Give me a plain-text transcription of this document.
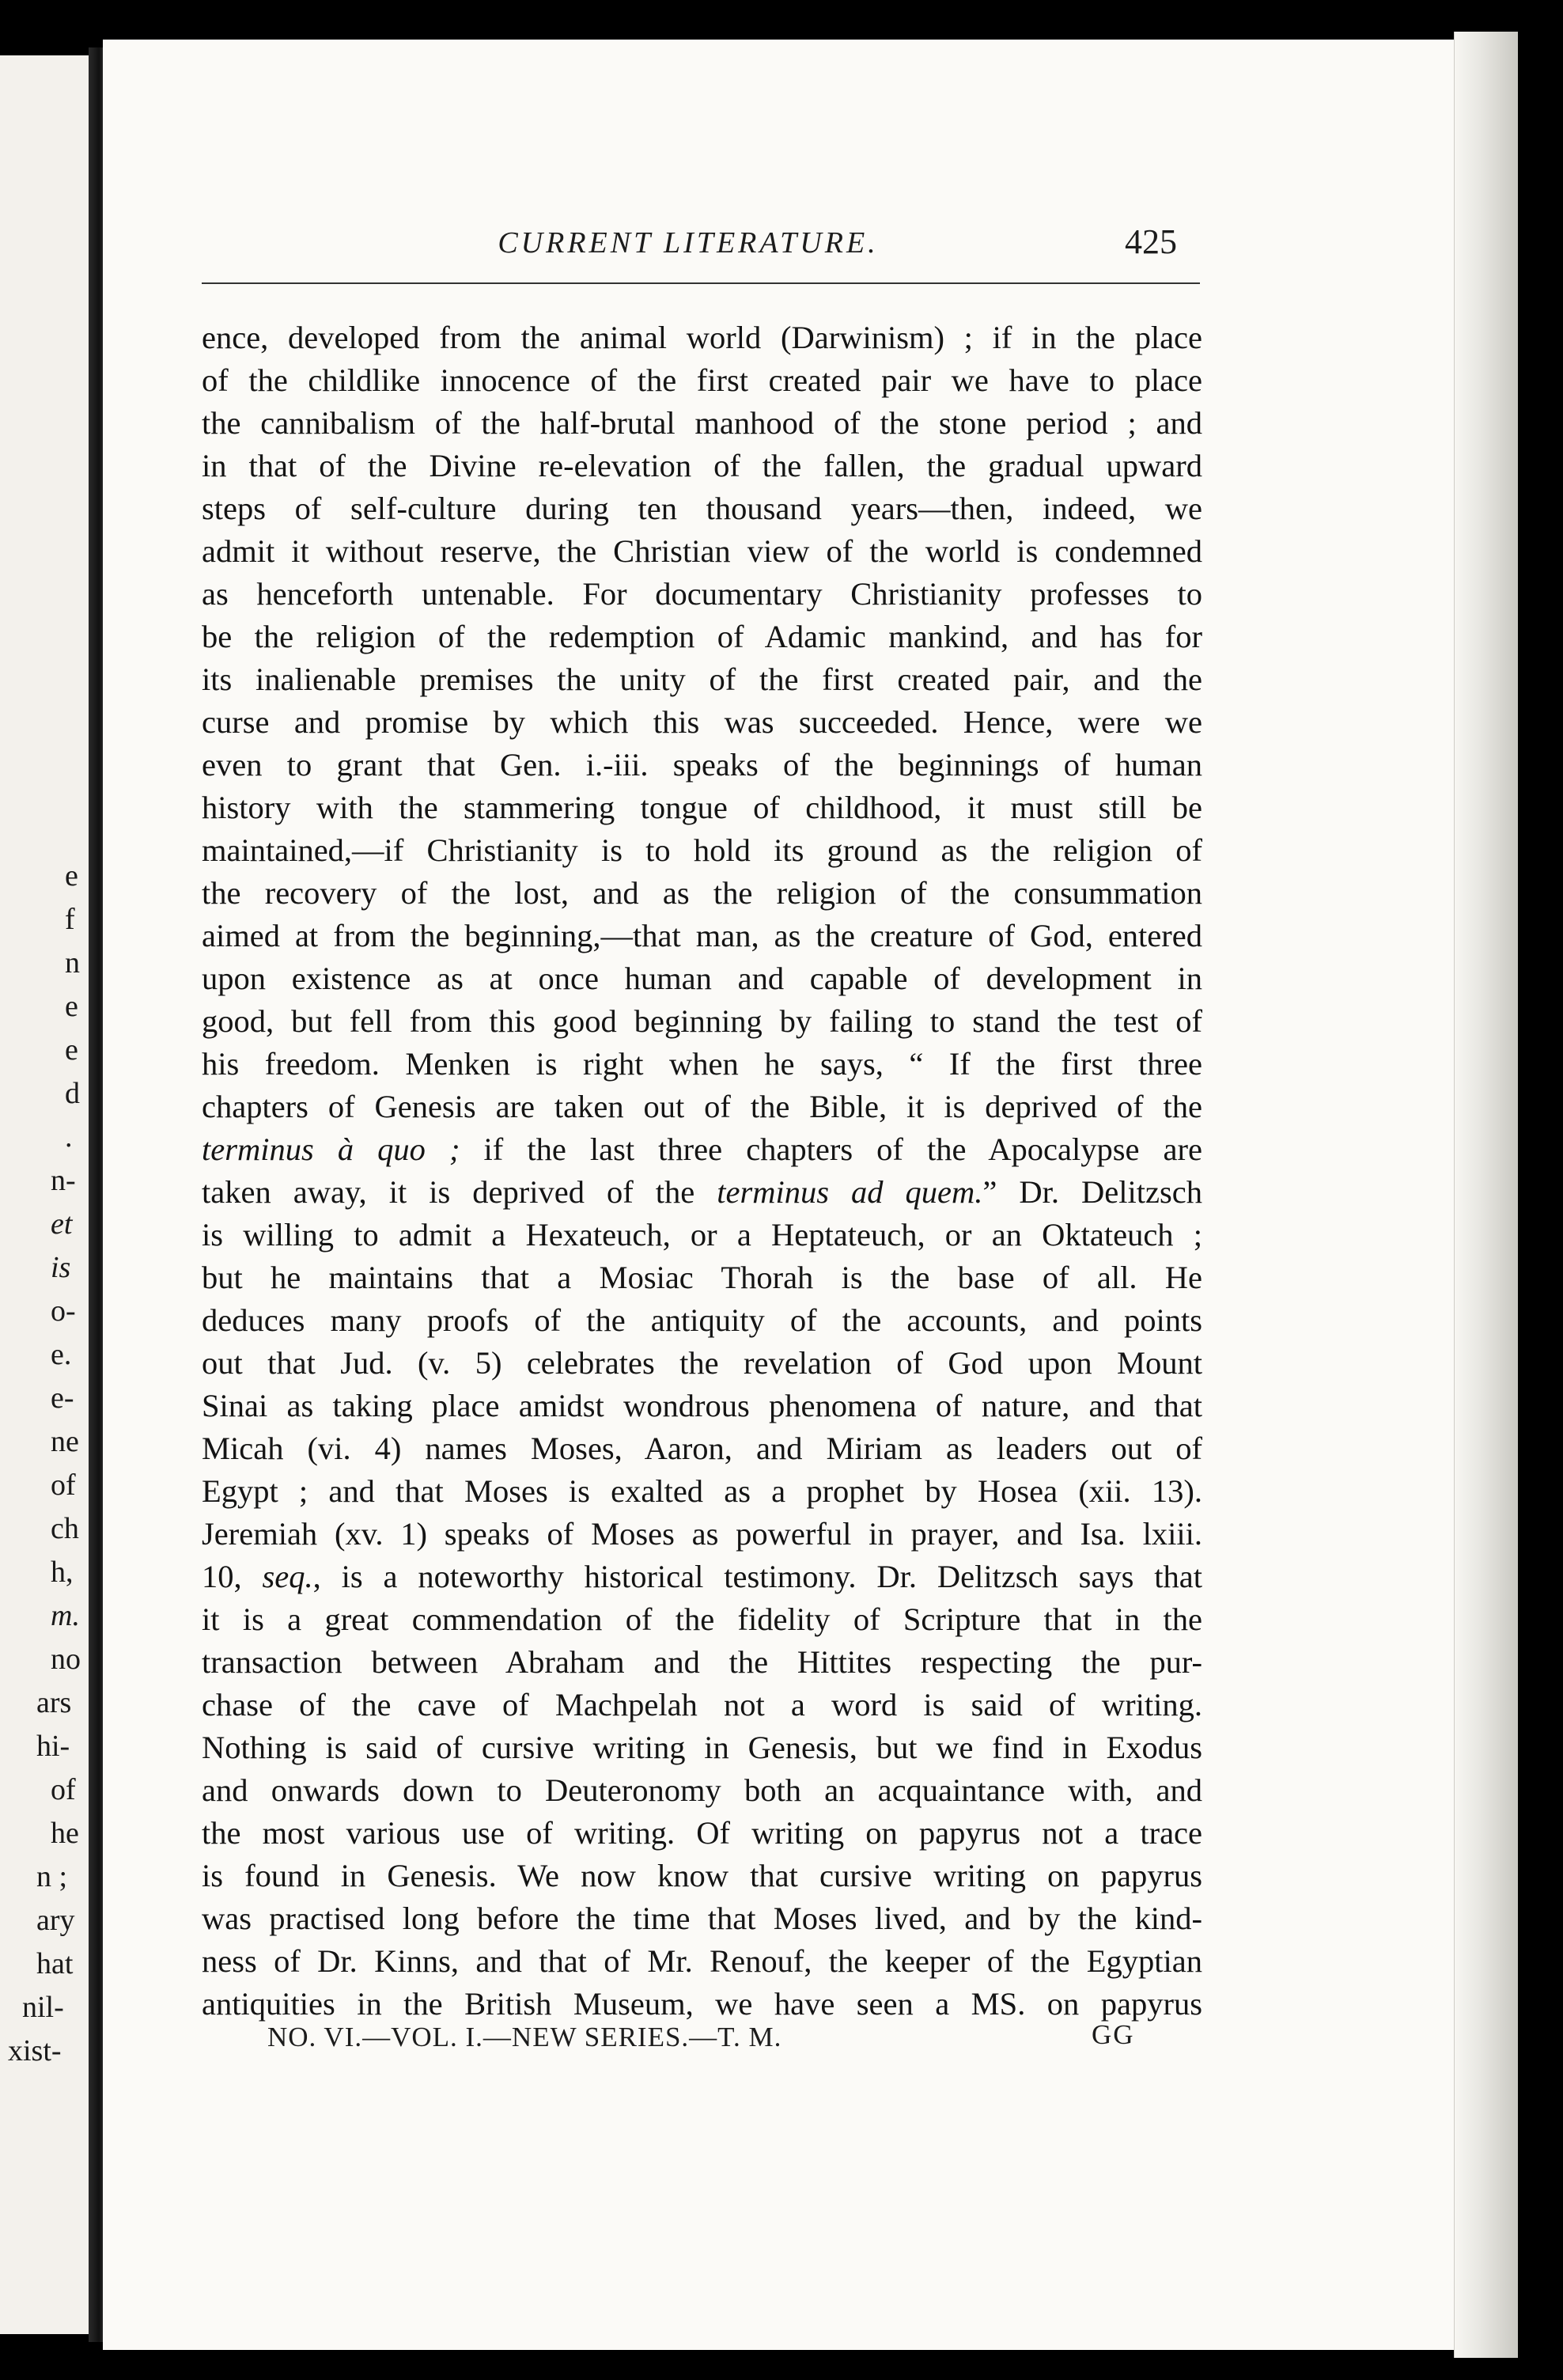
e
f
n
e
e
d
.
n-
et
is
o-
e.
e-
ne
of
ch
h,
m.
no
ars
hi-
of
he
n ;
ary
hat
nil-
xist-
CURRENT LITERATURE.	425
ence, developed from the animal world (Darwinism) ; if in the place
of the childlike innocence of the first created pair we have to place
the cannibalism of the half-brutal manhood of the stone period ; and
in that of the Divine re-elevation of the fallen, the gradual upward
steps of self-culture during ten thousand years—then, indeed, we
admit it without reserve, the Christian view of the world is condemned
as henceforth untenable. For documentary Christianity professes to
be the religion of the redemption of Adamic mankind, and has for
its inalienable premises the unity of the first created pair, and the
curse and promise by which this was succeeded. Hence, were we
even to grant that Gen. i.-iii. speaks of the beginnings of human
history with the stammering tongue of childhood, it must still be
maintained,—if Christianity is to hold its ground as the religion of
the recovery of the lost, and as the religion of the consummation
aimed at from the beginning,—that man, as the creature of God, entered
upon existence as at once human and capable of development in
good, but fell from this good beginning by failing to stand the test of
his freedom. Menken is right when he says, “ If the first three
chapters of Genesis are taken out of the Bible, it is deprived of the
terminus à quo ; if the last three chapters of the Apocalypse are
taken away, it is deprived of the terminus ad quem.” Dr. Delitzsch
is willing to admit a Hexateuch, or a Heptateuch, or an Oktateuch ;
but he maintains that a Mosiac Thorah is the base of all. He
deduces many proofs of the antiquity of the accounts, and points
out that Jud. (v. 5) celebrates the revelation of God upon Mount
Sinai as taking place amidst wondrous phenomena of nature, and that
Micah (vi. 4) names Moses, Aaron, and Miriam as leaders out of
Egypt ; and that Moses is exalted as a prophet by Hosea (xii. 13).
Jeremiah (xv. 1) speaks of Moses as powerful in prayer, and Isa. lxiii.
10, seq., is a noteworthy historical testimony. Dr. Delitzsch says that
it is a great commendation of the fidelity of Scripture that in the
transaction between Abraham and the Hittites respecting the pur-
chase of the cave of Machpelah not a word is said of writing.
Nothing is said of cursive writing in Genesis, but we find in Exodus
and onwards down to Deuteronomy both an acquaintance with, and
the most various use of writing. Of writing on papyrus not a trace
is found in Genesis. We now know that cursive writing on papyrus
was practised long before the time that Moses lived, and by the kind-
ness of Dr. Kinns, and that of Mr. Renouf, the keeper of the Egyptian
antiquities in the British Museum, we have seen a MS. on papyrus
NO. VI.—VOL. I.—NEW SERIES.—T. M.	GG
